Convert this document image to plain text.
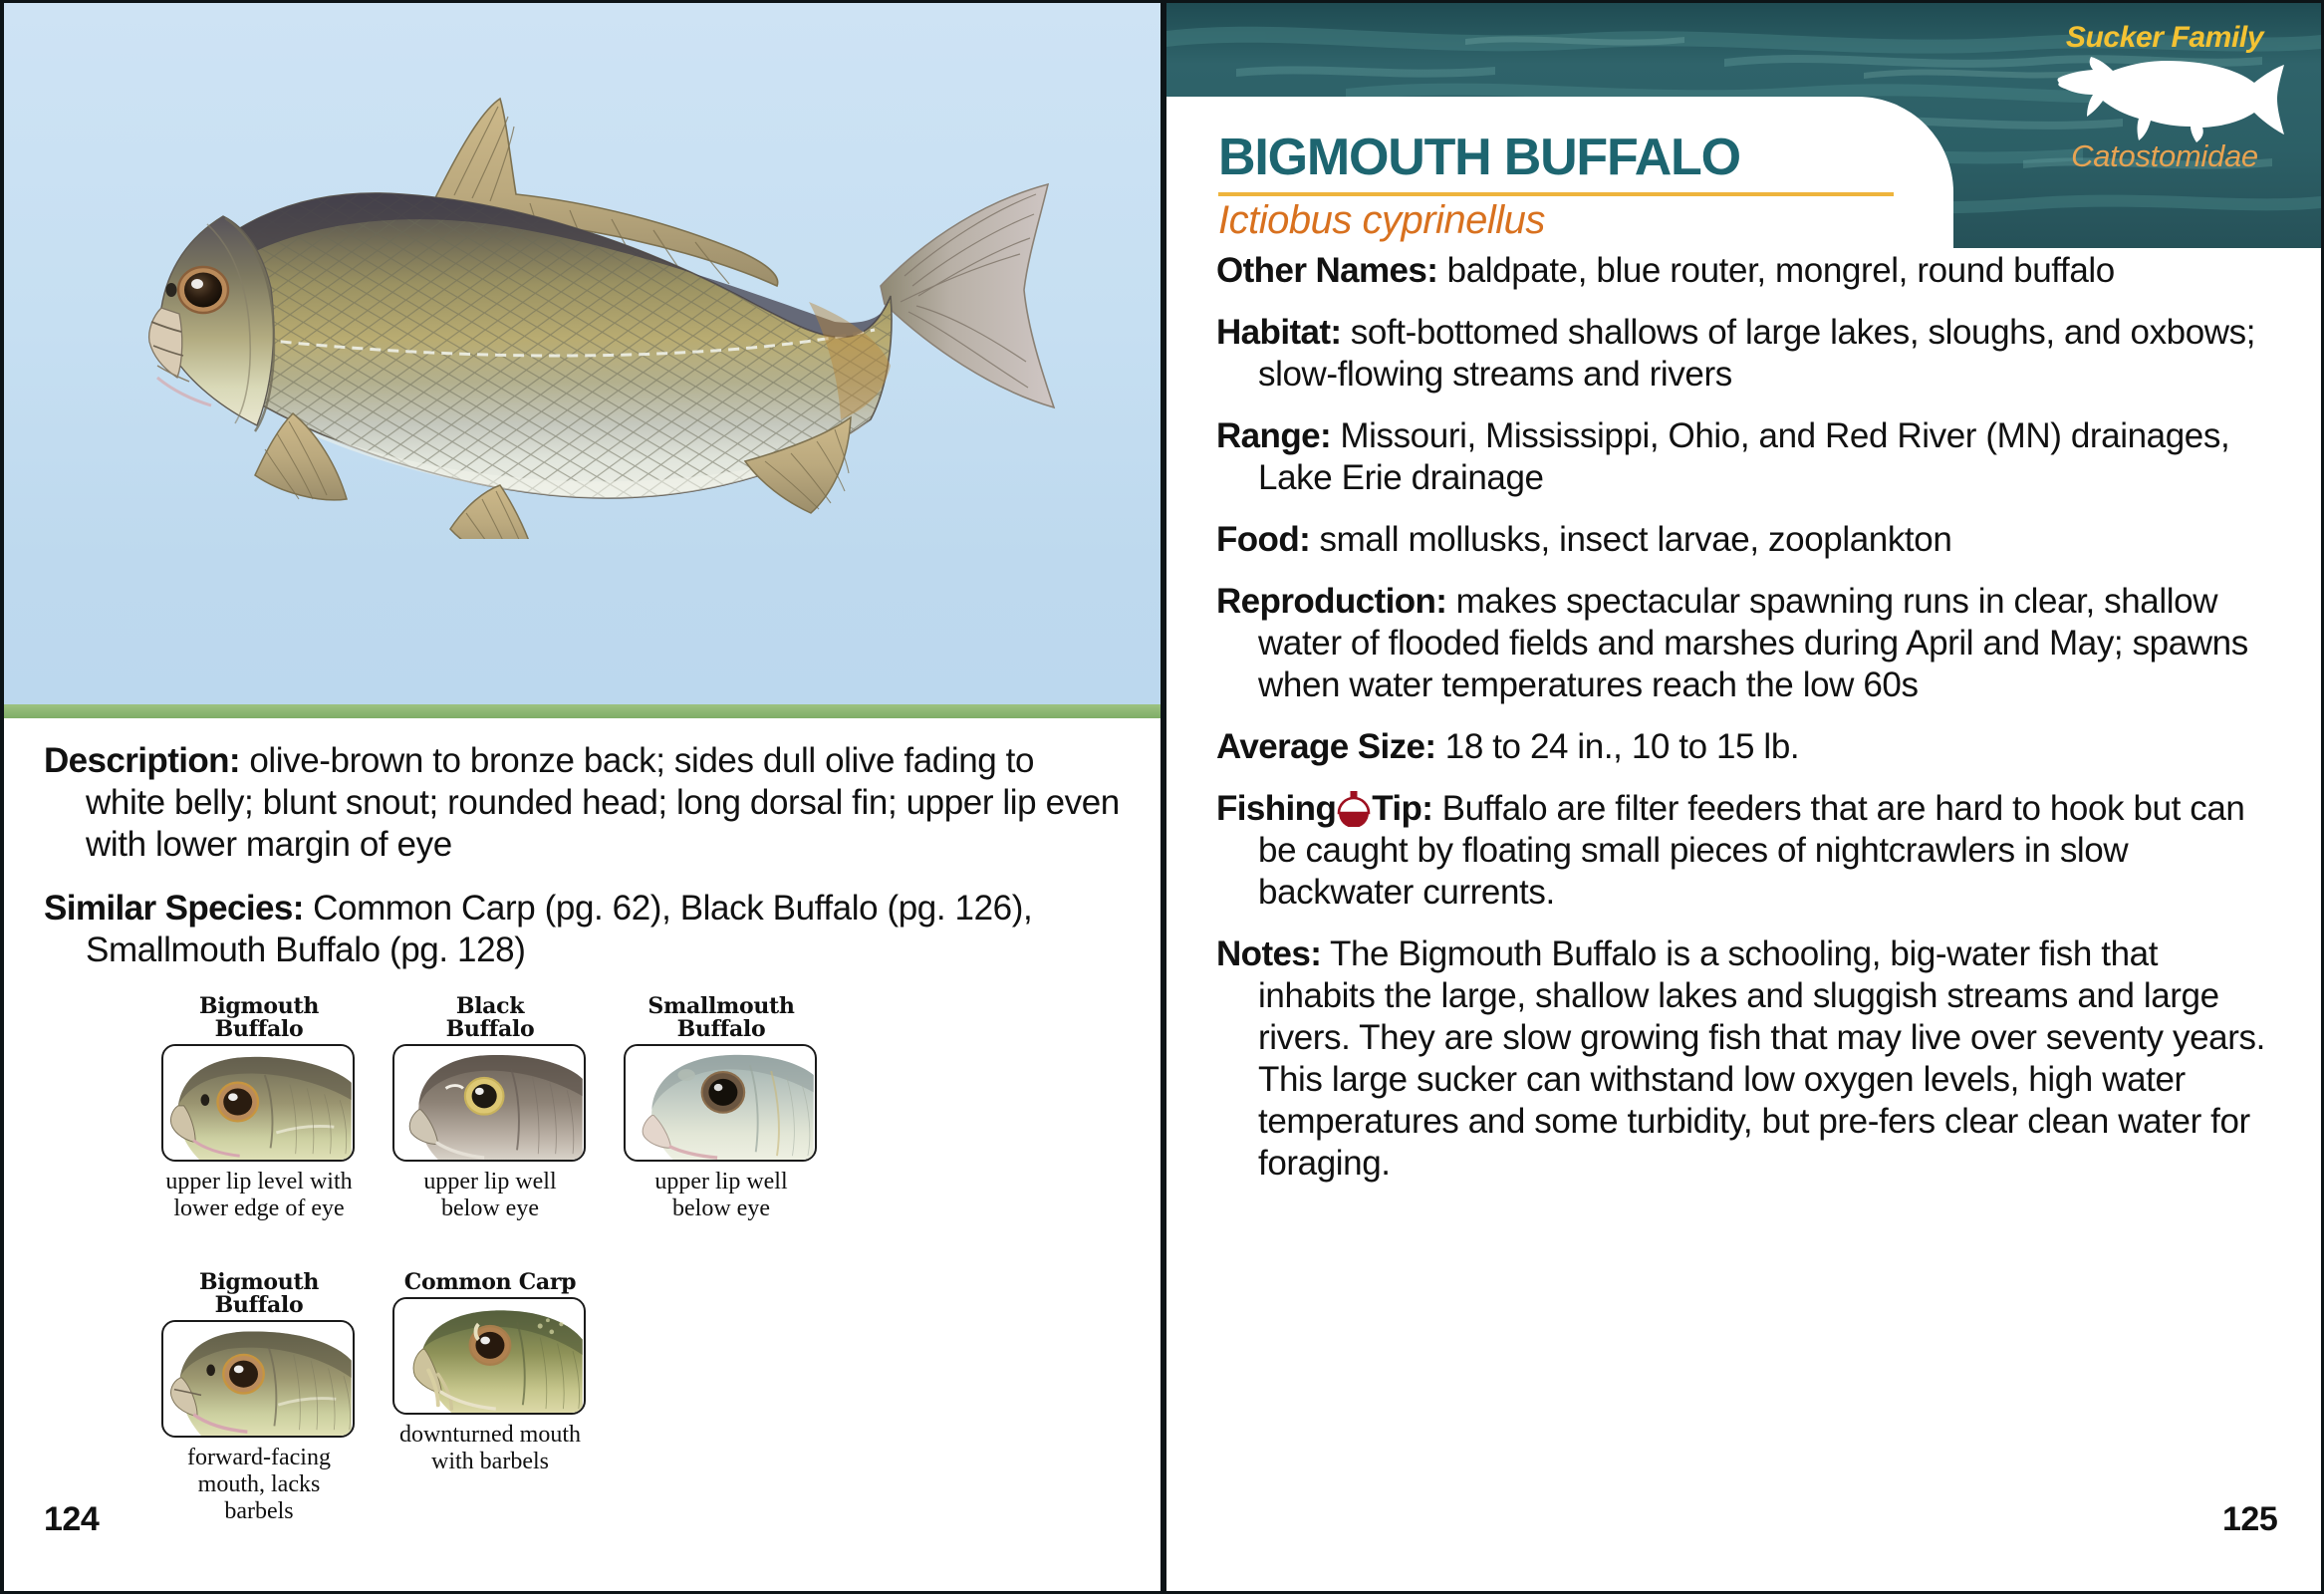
Description: olive-brown to bronze back; sides dull olive fading to white belly; blunt snout; rounded head; long dorsal fin; upper lip even with lower margin of eye
Similar Species: Common Carp (pg. 62), Black Buffalo (pg. 126), Smallmouth Buffalo (pg. 128)
Bigmouth
Buffalo
upper lip level with lower edge of eye
Black
Buffalo
upper lip well below eye
Smallmouth
Buffalo
upper lip well below eye
Bigmouth
Buffalo
forward-facing mouth, lacks barbels
Common Carp
downturned mouth with barbels
124
Sucker Family
Catostomidae
BIGMOUTH BUFFALO
Ictiobus cyprinellus
Other Names: baldpate, blue router, mongrel, round buffalo
Habitat: soft-bottomed shallows of large lakes, sloughs, and oxbows; slow-flowing streams and rivers
Range: Missouri, Mississippi, Ohio, and Red River (MN) drainages, Lake Erie drainage
Food: small mollusks, insect larvae, zooplankton
Reproduction: makes spectacular spawning runs in clear, shallow water of flooded fields and marshes during April and May; spawns when water temperatures reach the low 60s
Average Size: 18 to 24 in., 10 to 15 lb.
Fishing Tip: Buffalo are filter feeders that are hard to hook but can be caught by floating small pieces of nightcrawlers in slow backwater currents.
Notes: The Bigmouth Buffalo is a schooling, big-water fish that inhabits the large, shallow lakes and sluggish streams and large rivers. They are slow growing fish that may live over seventy years. This large sucker can withstand low oxygen levels, high water temperatures and some turbidity, but pre-fers clear clean water for foraging.
125
